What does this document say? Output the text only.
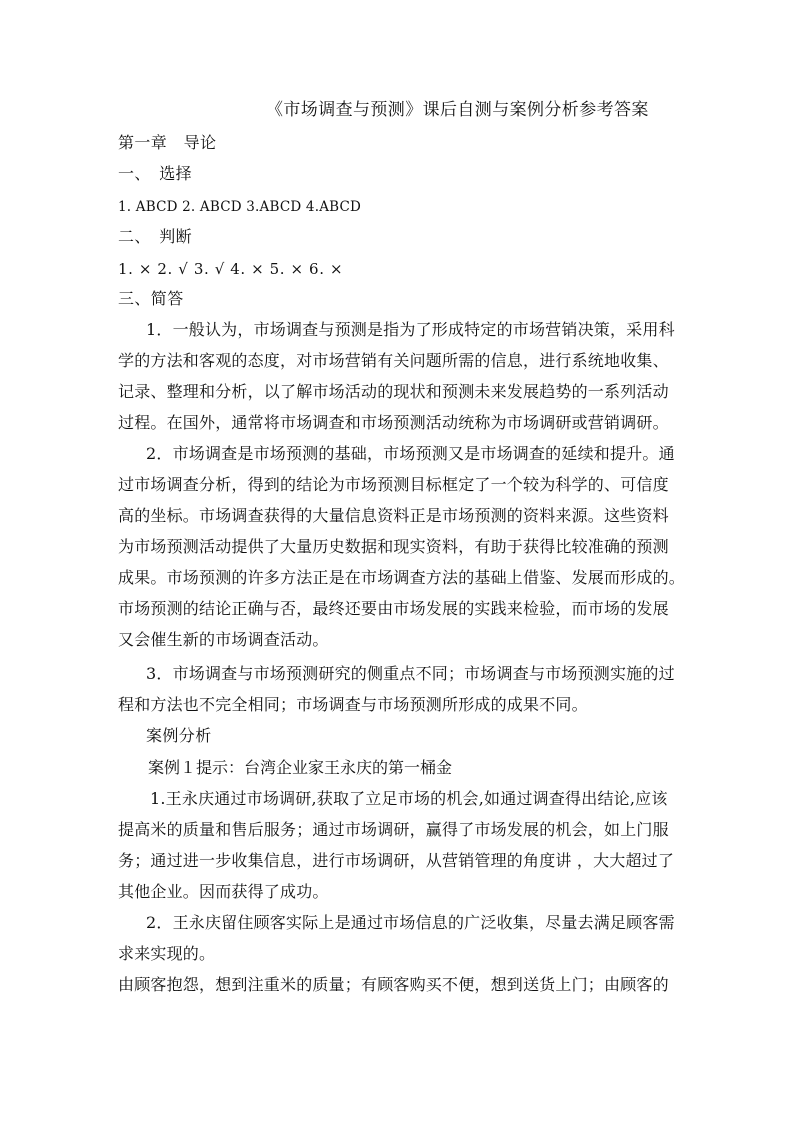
《市场调查与预测》课后自测与案例分析参考答案
第一章　导论
一、　选择
1. ABCD 2. ABCD 3.ABCD 4.ABCD
二、　判断
1. × 2. √ 3. √ 4. × 5. × 6. ×
三、简答
1．一般认为，市场调查与预测是指为了形成特定的市场营销决策，采用科
学的方法和客观的态度，对市场营销有关问题所需的信息，进行系统地收集、
记录、整理和分析，以了解市场活动的现状和预测未来发展趋势的一系列活动
过程。在国外，通常将市场调查和市场预测活动统称为市场调研或营销调研。
2．市场调查是市场预测的基础，市场预测又是市场调查的延续和提升。通
过市场调查分析，得到的结论为市场预测目标框定了一个较为科学的、可信度
高的坐标。市场调查获得的大量信息资料正是市场预测的资料来源。这些资料
为市场预测活动提供了大量历史数据和现实资料，有助于获得比较准确的预测
成果。市场预测的许多方法正是在市场调查方法的基础上借鉴、发展而形成的。
市场预测的结论正确与否，最终还要由市场发展的实践来检验，而市场的发展
又会催生新的市场调查活动。
3．市场调查与市场预测研究的侧重点不同；市场调查与市场预测实施的过
程和方法也不完全相同；市场调查与市场预测所形成的成果不同。
案例分析
案例１提示：台湾企业家王永庆的第一桶金
1.王永庆通过市场调研,获取了立足市场的机会,如通过调查得出结论,应该
提高米的质量和售后服务；通过市场调研，赢得了市场发展的机会，如上门服
务；通过进一步收集信息，进行市场调研，从营销管理的角度讲 ，大大超过了
其他企业。因而获得了成功。
2．王永庆留住顾客实际上是通过市场信息的广泛收集，尽量去满足顾客需
求来实现的。
由顾客抱怨，想到注重米的质量；有顾客购买不便，想到送货上门；由顾客的
